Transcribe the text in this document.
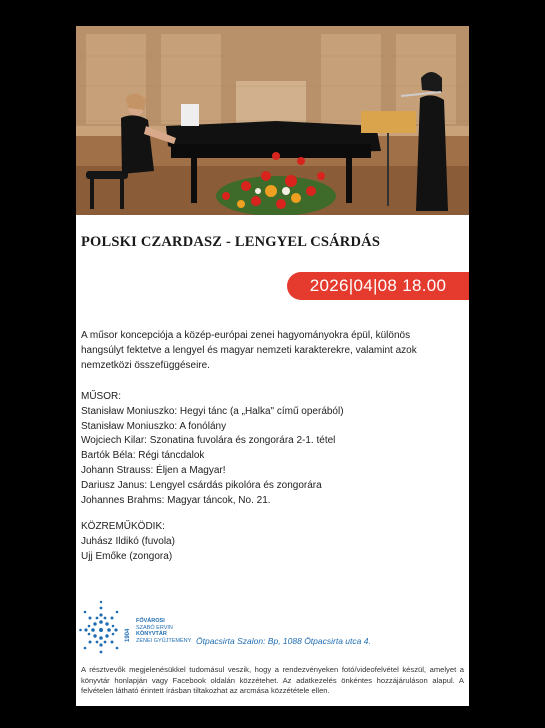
POLSKI CZARDASZ - LENGYEL CSÁRDÁS
2026|04|08 18.00
A műsor koncepciója a közép-európai zenei hagyományokra épül, különös hangsúlyt fektetve a lengyel és magyar nemzeti karakterekre, valamint azok nemzetközi összefüggéseire.
MŰSOR:
Stanisław Moniuszko: Hegyi tánc (a „Halka" című operából)
Stanisław Moniuszko: A fonólány
Wojciech Kilar: Szonatina fuvolára és zongorára 2-1. tétel
Bartók Béla: Régi táncdalok
Johann Strauss: Éljen a Magyar!
Dariusz Janus: Lengyel csárdás pikolóra és zongorára
Johannes Brahms: Magyar táncok, No. 21.
KÖZREMŰKÖDIK:
Juhász Ildikó (fuvola)
Ujj Emőke (zongora)
1904
FŐVÁROSI
SZABÓ ERVIN
KÖNYVTÁR
ZENEI GYŰJTEMÉNY Ötpacsirta Szalon: Bp, 1088 Ötpacsirta utca 4.
A résztvevők megjelenésükkel tudomásul veszik, hogy a rendezvényeken fotó/videofelvétel készül, amelyet a könyvtár honlapján vagy Facebook oldalán közzétehet. Az adatkezelés önkéntes hozzájáruláson alapul. A felvételen látható érintett írásban tiltakozhat az arcmása közzététele ellen.
